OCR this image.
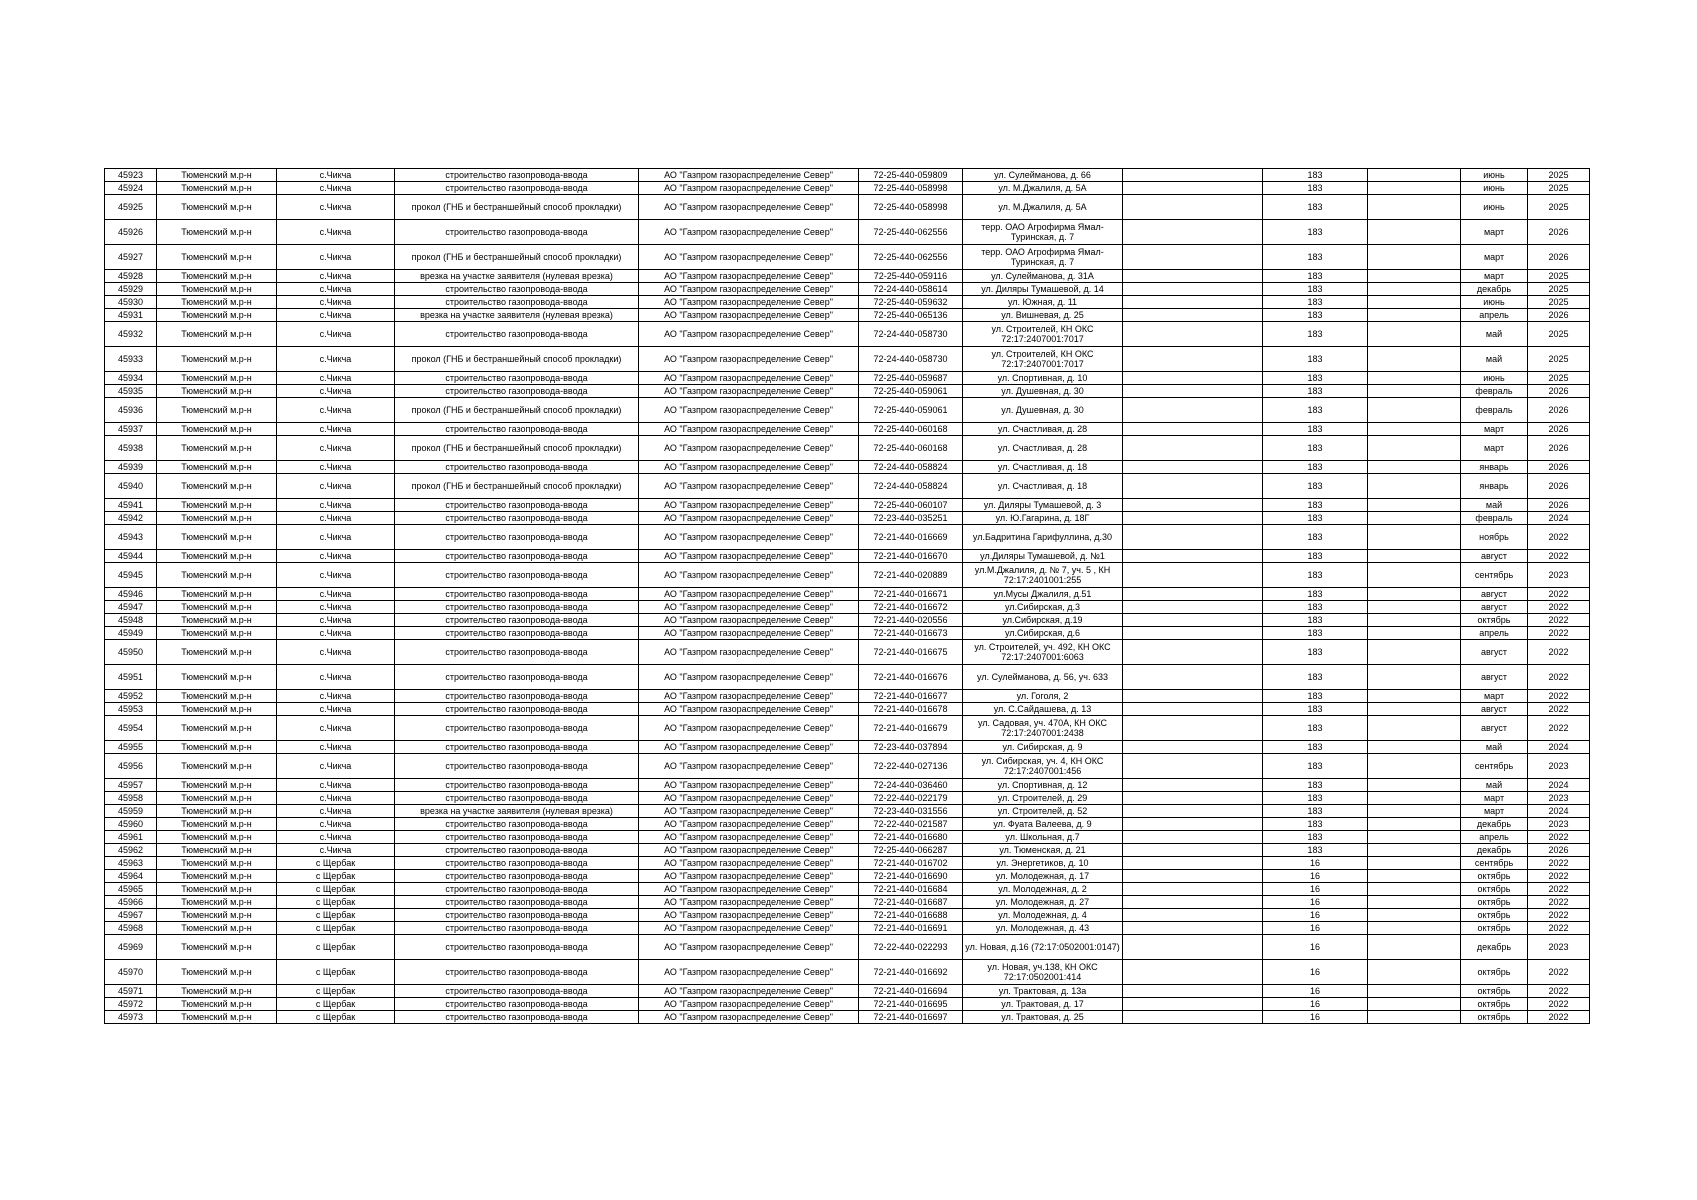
45923	Тюменский м.р-н	с.Чикча	строительство газопровода-ввода	АО "Газпром газораспределение Север"	72-25-440-059809	ул. Сулейманова, д. 66		183		июнь	2025
45924	Тюменский м.р-н	с.Чикча	строительство газопровода-ввода	АО "Газпром газораспределение Север"	72-25-440-058998	ул. М.Джалиля, д. 5А		183		июнь	2025
45925	Тюменский м.р-н	с.Чикча	прокол (ГНБ и бестраншейный способ прокладки)	АО "Газпром газораспределение Север"	72-25-440-058998	ул. М.Джалиля, д. 5А		183		июнь	2025
45926	Тюменский м.р-н	с.Чикча	строительство газопровода-ввода	АО "Газпром газораспределение Север"	72-25-440-062556	терр. ОАО Агрофирма Ямал-Туринская, д. 7		183		март	2026
45927	Тюменский м.р-н	с.Чикча	прокол (ГНБ и бестраншейный способ прокладки)	АО "Газпром газораспределение Север"	72-25-440-062556	терр. ОАО Агрофирма Ямал-Туринская, д. 7		183		март	2026
45928	Тюменский м.р-н	с.Чикча	врезка на участке заявителя (нулевая врезка)	АО "Газпром газораспределение Север"	72-25-440-059116	ул. Сулейманова, д. 31А		183		март	2025
45929	Тюменский м.р-н	с.Чикча	строительство газопровода-ввода	АО "Газпром газораспределение Север"	72-24-440-058614	ул. Диляры Тумашевой, д. 14		183		декабрь	2025
45930	Тюменский м.р-н	с.Чикча	строительство газопровода-ввода	АО "Газпром газораспределение Север"	72-25-440-059632	ул. Южная, д. 11		183		июнь	2025
45931	Тюменский м.р-н	с.Чикча	врезка на участке заявителя (нулевая врезка)	АО "Газпром газораспределение Север"	72-25-440-065136	ул. Вишневая, д. 25		183		апрель	2026
45932	Тюменский м.р-н	с.Чикча	строительство газопровода-ввода	АО "Газпром газораспределение Север"	72-24-440-058730	ул. Строителей, КН ОКС 72:17:2407001:7017		183		май	2025
45933	Тюменский м.р-н	с.Чикча	прокол (ГНБ и бестраншейный способ прокладки)	АО "Газпром газораспределение Север"	72-24-440-058730	ул. Строителей, КН ОКС 72:17:2407001:7017		183		май	2025
45934	Тюменский м.р-н	с.Чикча	строительство газопровода-ввода	АО "Газпром газораспределение Север"	72-25-440-059687	ул. Спортивная, д. 10		183		июнь	2025
45935	Тюменский м.р-н	с.Чикча	строительство газопровода-ввода	АО "Газпром газораспределение Север"	72-25-440-059061	ул. Душевная, д. 30		183		февраль	2026
45936	Тюменский м.р-н	с.Чикча	прокол (ГНБ и бестраншейный способ прокладки)	АО "Газпром газораспределение Север"	72-25-440-059061	ул. Душевная, д. 30		183		февраль	2026
45937	Тюменский м.р-н	с.Чикча	строительство газопровода-ввода	АО "Газпром газораспределение Север"	72-25-440-060168	ул. Счастливая, д. 28		183		март	2026
45938	Тюменский м.р-н	с.Чикча	прокол (ГНБ и бестраншейный способ прокладки)	АО "Газпром газораспределение Север"	72-25-440-060168	ул. Счастливая, д. 28		183		март	2026
45939	Тюменский м.р-н	с.Чикча	строительство газопровода-ввода	АО "Газпром газораспределение Север"	72-24-440-058824	ул. Счастливая, д. 18		183		январь	2026
45940	Тюменский м.р-н	с.Чикча	прокол (ГНБ и бестраншейный способ прокладки)	АО "Газпром газораспределение Север"	72-24-440-058824	ул. Счастливая, д. 18		183		январь	2026
45941	Тюменский м.р-н	с.Чикча	строительство газопровода-ввода	АО "Газпром газораспределение Север"	72-25-440-060107	ул. Диляры Тумашевой, д. 3		183		май	2026
45942	Тюменский м.р-н	с.Чикча	строительство газопровода-ввода	АО "Газпром газораспределение Север"	72-23-440-035251	ул. Ю.Гагарина, д. 18Г		183		февраль	2024
45943	Тюменский м.р-н	с.Чикча	строительство газопровода-ввода	АО "Газпром газораспределение Север"	72-21-440-016669	ул.Бадритина Гарифуллина, д.30		183		ноябрь	2022
45944	Тюменский м.р-н	с.Чикча	строительство газопровода-ввода	АО "Газпром газораспределение Север"	72-21-440-016670	ул.Диляры Тумашевой, д. №1		183		август	2022
45945	Тюменский м.р-н	с.Чикча	строительство газопровода-ввода	АО "Газпром газораспределение Север"	72-21-440-020889	ул.М.Джалиля, д. № 7, уч. 5 , КН 72:17:2401001:255		183		сентябрь	2023
45946	Тюменский м.р-н	с.Чикча	строительство газопровода-ввода	АО "Газпром газораспределение Север"	72-21-440-016671	ул.Мусы Джалиля, д.51		183		август	2022
45947	Тюменский м.р-н	с.Чикча	строительство газопровода-ввода	АО "Газпром газораспределение Север"	72-21-440-016672	ул.Сибирская, д.3		183		август	2022
45948	Тюменский м.р-н	с.Чикча	строительство газопровода-ввода	АО "Газпром газораспределение Север"	72-21-440-020556	ул.Сибирская, д.19		183		октябрь	2022
45949	Тюменский м.р-н	с.Чикча	строительство газопровода-ввода	АО "Газпром газораспределение Север"	72-21-440-016673	ул.Сибирская, д.6		183		апрель	2022
45950	Тюменский м.р-н	с.Чикча	строительство газопровода-ввода	АО "Газпром газораспределение Север"	72-21-440-016675	ул. Строителей, уч. 492, КН ОКС 72:17:2407001:6063		183		август	2022
45951	Тюменский м.р-н	с.Чикча	строительство газопровода-ввода	АО "Газпром газораспределение Север"	72-21-440-016676	ул. Сулейманова, д. 56, уч. 633		183		август	2022
45952	Тюменский м.р-н	с.Чикча	строительство газопровода-ввода	АО "Газпром газораспределение Север"	72-21-440-016677	ул. Гоголя, 2		183		март	2022
45953	Тюменский м.р-н	с.Чикча	строительство газопровода-ввода	АО "Газпром газораспределение Север"	72-21-440-016678	ул. С.Сайдашева, д. 13		183		август	2022
45954	Тюменский м.р-н	с.Чикча	строительство газопровода-ввода	АО "Газпром газораспределение Север"	72-21-440-016679	ул. Садовая, уч. 470А, КН ОКС 72:17:2407001:2438		183		август	2022
45955	Тюменский м.р-н	с.Чикча	строительство газопровода-ввода	АО "Газпром газораспределение Север"	72-23-440-037894	ул. Сибирская, д. 9		183		май	2024
45956	Тюменский м.р-н	с.Чикча	строительство газопровода-ввода	АО "Газпром газораспределение Север"	72-22-440-027136	ул. Сибирская, уч. 4, КН ОКС 72:17:2407001:456		183		сентябрь	2023
45957	Тюменский м.р-н	с.Чикча	строительство газопровода-ввода	АО "Газпром газораспределение Север"	72-24-440-036460	ул. Спортивная, д. 12		183		май	2024
45958	Тюменский м.р-н	с.Чикча	строительство газопровода-ввода	АО "Газпром газораспределение Север"	72-22-440-022179	ул. Строителей, д. 29		183		март	2023
45959	Тюменский м.р-н	с.Чикча	врезка на участке заявителя (нулевая врезка)	АО "Газпром газораспределение Север"	72-23-440-031556	ул. Строителей, д. 52		183		март	2024
45960	Тюменский м.р-н	с.Чикча	строительство газопровода-ввода	АО "Газпром газораспределение Север"	72-22-440-021587	ул. Фуата Валеева, д. 9		183		декабрь	2023
45961	Тюменский м.р-н	с.Чикча	строительство газопровода-ввода	АО "Газпром газораспределение Север"	72-21-440-016680	ул. Школьная, д.7		183		апрель	2022
45962	Тюменский м.р-н	с.Чикча	строительство газопровода-ввода	АО "Газпром газораспределение Север"	72-25-440-066287	ул. Тюменская, д. 21		183		декабрь	2026
45963	Тюменский м.р-н	с Щербак	строительство газопровода-ввода	АО "Газпром газораспределение Север"	72-21-440-016702	ул. Энергетиков, д. 10		16		сентябрь	2022
45964	Тюменский м.р-н	с Щербак	строительство газопровода-ввода	АО "Газпром газораспределение Север"	72-21-440-016690	ул. Молодежная, д. 17		16		октябрь	2022
45965	Тюменский м.р-н	с Щербак	строительство газопровода-ввода	АО "Газпром газораспределение Север"	72-21-440-016684	ул. Молодежная, д. 2		16		октябрь	2022
45966	Тюменский м.р-н	с Щербак	строительство газопровода-ввода	АО "Газпром газораспределение Север"	72-21-440-016687	ул. Молодежная, д. 27		16		октябрь	2022
45967	Тюменский м.р-н	с Щербак	строительство газопровода-ввода	АО "Газпром газораспределение Север"	72-21-440-016688	ул. Молодежная, д. 4		16		октябрь	2022
45968	Тюменский м.р-н	с Щербак	строительство газопровода-ввода	АО "Газпром газораспределение Север"	72-21-440-016691	ул. Молодежная, д. 43		16		октябрь	2022
45969	Тюменский м.р-н	с Щербак	строительство газопровода-ввода	АО "Газпром газораспределение Север"	72-22-440-022293	ул. Новая, д.16 (72:17:0502001:0147)		16		декабрь	2023
45970	Тюменский м.р-н	с Щербак	строительство газопровода-ввода	АО "Газпром газораспределение Север"	72-21-440-016692	ул. Новая, уч.138, КН ОКС 72:17:0502001:414		16		октябрь	2022
45971	Тюменский м.р-н	с Щербак	строительство газопровода-ввода	АО "Газпром газораспределение Север"	72-21-440-016694	ул. Трактовая, д. 13а		16		октябрь	2022
45972	Тюменский м.р-н	с Щербак	строительство газопровода-ввода	АО "Газпром газораспределение Север"	72-21-440-016695	ул. Трактовая, д. 17		16		октябрь	2022
45973	Тюменский м.р-н	с Щербак	строительство газопровода-ввода	АО "Газпром газораспределение Север"	72-21-440-016697	ул. Трактовая, д. 25		16		октябрь	2022
